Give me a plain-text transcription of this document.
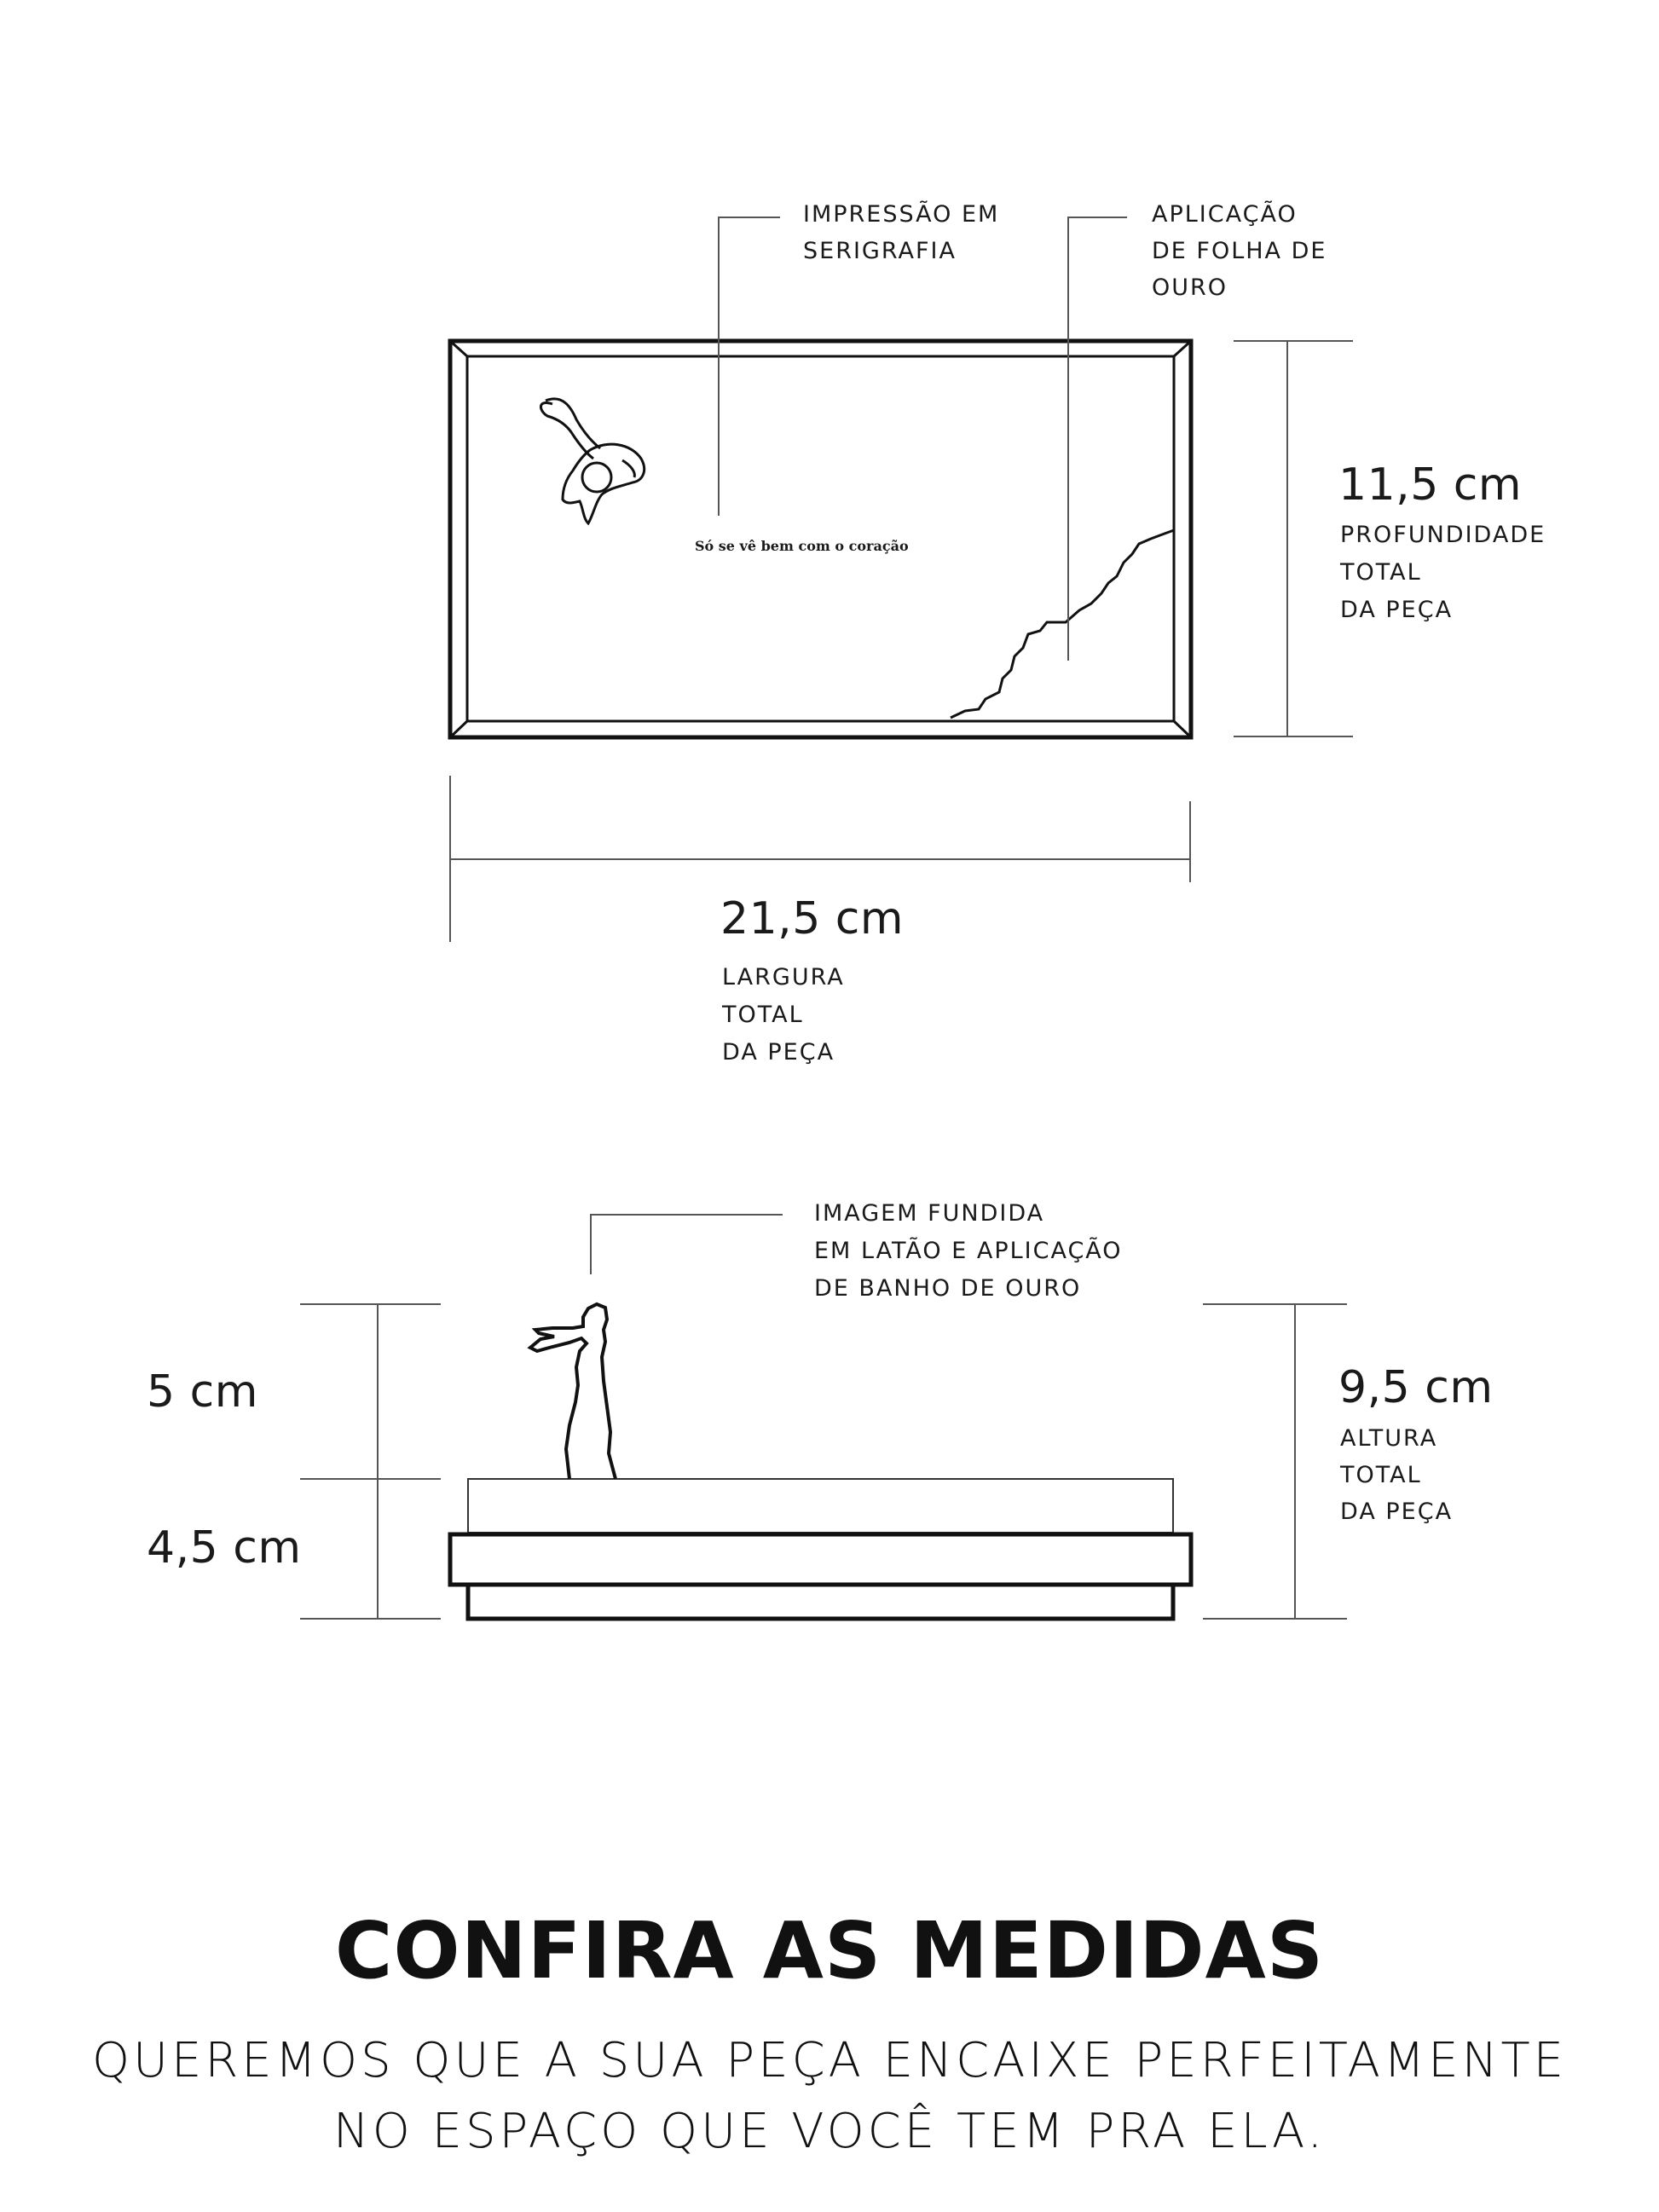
Só se vê bem com o coração
IMPRESSÃO EM
SERIGRAFIA
APLICAÇÃO
DE FOLHA DE
OURO
11,5 cm
PROFUNDIDADE
TOTAL
DA PEÇA
21,5 cm
LARGURA
TOTAL
DA PEÇA
IMAGEM FUNDIDA
EM LATÃO E APLICAÇÃO
DE BANHO DE OURO
5 cm
4,5 cm
9,5 cm
ALTURA
TOTAL
DA PEÇA
CONFIRA AS MEDIDAS
QUEREMOS QUE A SUA PEÇA ENCAIXE PERFEITAMENTE
NO ESPAÇO QUE VOCÊ TEM PRA ELA.
